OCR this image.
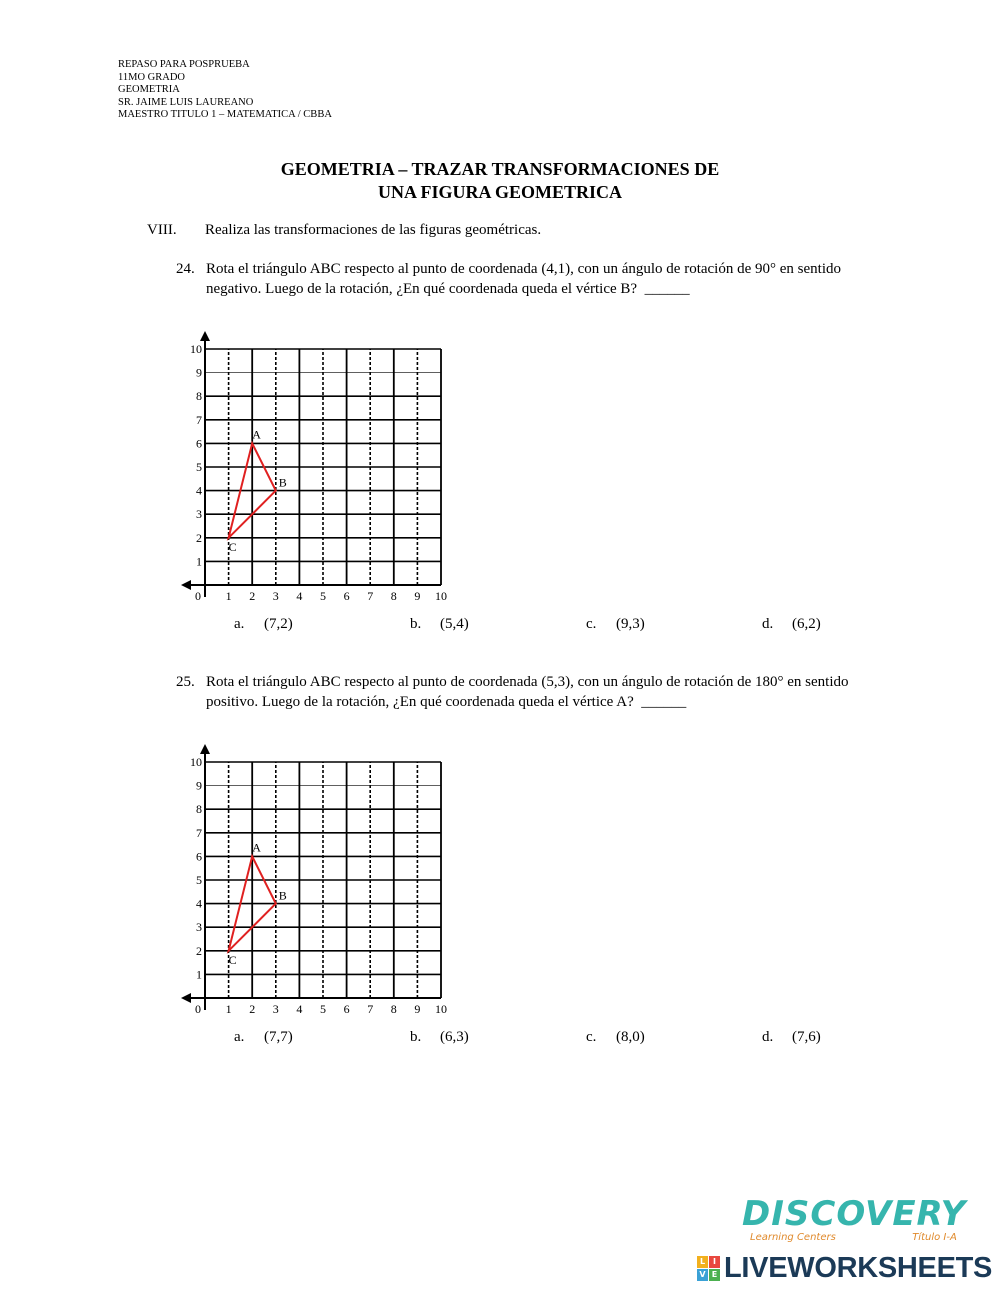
REPASO PARA POSPRUEBA
11MO GRADO
GEOMETRIA
SR. JAIME LUIS LAUREANO
MAESTRO TITULO 1 – MATEMATICA / CBBA
GEOMETRIA – TRAZAR TRANSFORMACIONES DE
UNA FIGURA GEOMETRICA
VIII. Realiza las transformaciones de las figuras geométricas.
24. Rota el triángulo ABC respecto al punto de coordenada (4,1), con un ángulo de rotación de 90° en sentido negativo. Luego de la rotación, ¿En qué coordenada queda el vértice B? ______
0 1 2 3 4 5 6 7 8 9 10
1
2
3
4
5
6
7
8
9
10
A
B
C
a. (7,2)	b. (5,4)	c. (9,3)	d. (6,2)
25. Rota el triángulo ABC respecto al punto de coordenada (5,3), con un ángulo de rotación de 180° en sentido positivo. Luego de la rotación, ¿En qué coordenada queda el vértice A? ______
0 1 2 3 4 5 6 7 8 9 10
1
2
3
4
5
6
7
8
9
10
A
B
C
a. (7,7)	b. (6,3)	c. (8,0)	d. (7,6)
DISCOVERY
Learning Centers	Título I-A
L I
V E LIVEWORKSHEETS
